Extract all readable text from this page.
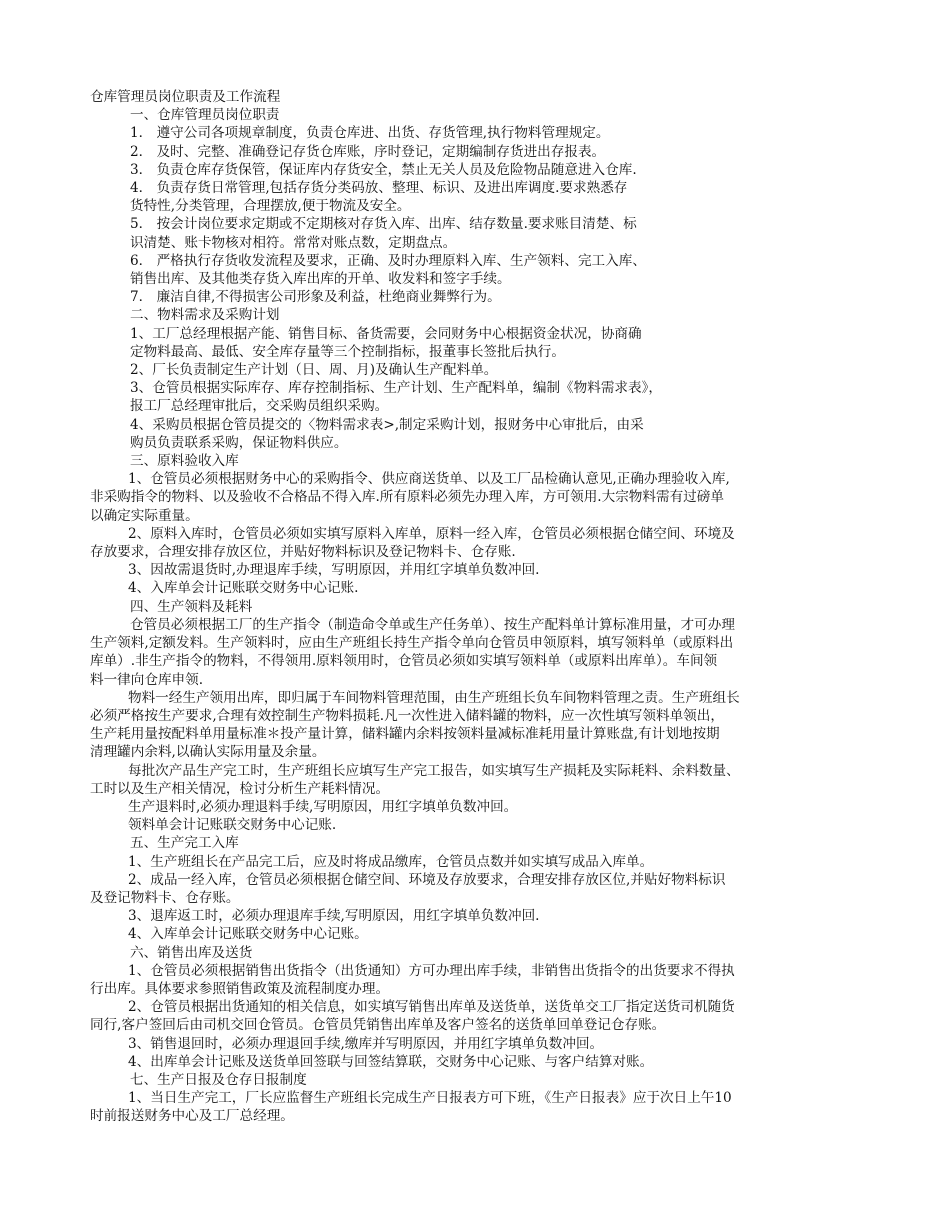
仓库管理员岗位职责及工作流程

一、仓库管理员岗位职责

1． 遵守公司各项规章制度，负责仓库进、出货、存货管理,执行物料管理规定。

2． 及时、完整、准确登记存货仓库账，序时登记，定期编制存货进出存报表。

3． 负责仓库存货保管，保证库内存货安全，禁止无关人员及危险物品随意进入仓库.

4． 负责存货日常管理,包括存货分类码放、整理、标识、及进出库调度.要求熟悉存

货特性,分类管理，合理摆放,便于物流及安全。

5． 按会计岗位要求定期或不定期核对存货入库、出库、结存数量.要求账目清楚、标

识清楚、账卡物核对相符。常常对账点数，定期盘点。

6． 严格执行存货收发流程及要求，正确、及时办理原料入库、生产领料、完工入库、

销售出库、及其他类存货入库出库的开单、收发料和签字手续。

7． 廉洁自律,不得损害公司形象及利益，杜绝商业舞弊行为。

二、物料需求及采购计划

1、工厂总经理根据产能、销售目标、备货需要，会同财务中心根据资金状况，协商确

定物料最高、最低、安全库存量等三个控制指标，报董事长签批后执行。

2、厂长负责制定生产计划（日、周、月)及确认生产配料单。

3、仓管员根据实际库存、库存控制指标、生产计划、生产配料单，编制《物料需求表》，

报工厂总经理审批后，交采购员组织采购。

4、采购员根据仓管员提交的〈物料需求表>,制定采购计划，报财务中心审批后，由采

购员负责联系采购，保证物料供应。

三、原料验收入库

1、仓管员必须根据财务中心的采购指令、供应商送货单、以及工厂品检确认意见,正确办理验收入库,

非采购指令的物料、以及验收不合格品不得入库.所有原料必须先办理入库，方可领用.大宗物料需有过磅单

以确定实际重量。

2、原料入库时，仓管员必须如实填写原料入库单，原料一经入库，仓管员必须根据仓储空间、环境及

存放要求，合理安排存放区位，并贴好物料标识及登记物料卡、仓存账.

3、因故需退货时,办理退库手续，写明原因，并用红字填单负数冲回.

4、入库单会计记账联交财务中心记账.

四、生产领料及耗料

仓管员必须根据工厂的生产指令（制造命令单或生产任务单）、按生产配料单计算标准用量，才可办理

生产领料,定额发料。生产领料时，应由生产班组长持生产指令单向仓管员申领原料，填写领料单（或原料出

库单）.非生产指令的物料，不得领用.原料领用时，仓管员必须如实填写领料单（或原料出库单）。车间领

料一律向仓库申领.

物料一经生产领用出库，即归属于车间物料管理范围，由生产班组长负车间物料管理之责。生产班组长

必须严格按生产要求,合理有效控制生产物料损耗.凡一次性进入储料罐的物料，应一次性填写领料单领出，

生产耗用量按配料单用量标准＊投产量计算，储料罐内余料按领料量减标准耗用量计算账盘,有计划地按期

清理罐内余料,以确认实际用量及余量。

每批次产品生产完工时，生产班组长应填写生产完工报告，如实填写生产损耗及实际耗料、余料数量、

工时以及生产相关情况，检讨分析生产耗料情况。

生产退料时,必须办理退料手续,写明原因，用红字填单负数冲回。

领料单会计记账联交财务中心记账.

五、生产完工入库

1、生产班组长在产品完工后，应及时将成品缴库，仓管员点数并如实填写成品入库单。

2、成品一经入库，仓管员必须根据仓储空间、环境及存放要求，合理安排存放区位,并贴好物料标识

及登记物料卡、仓存账。

3、退库返工时，必须办理退库手续,写明原因，用红字填单负数冲回.

4、入库单会计记账联交财务中心记账。

六、销售出库及送货

1、仓管员必须根据销售出货指令（出货通知）方可办理出库手续，非销售出货指令的出货要求不得执

行出库。具体要求参照销售政策及流程制度办理。

2、仓管员根据出货通知的相关信息，如实填写销售出库单及送货单，送货单交工厂指定送货司机随货

同行,客户签回后由司机交回仓管员。仓管员凭销售出库单及客户签名的送货单回单登记仓存账。

3、销售退回时，必须办理退回手续,缴库并写明原因，并用红字填单负数冲回。

4、出库单会计记账及送货单回签联与回签结算联，交财务中心记账、与客户结算对账。

七、生产日报及仓存日报制度

1、当日生产完工，厂长应监督生产班组长完成生产日报表方可下班，《生产日报表》应于次日上午10

时前报送财务中心及工厂总经理。
